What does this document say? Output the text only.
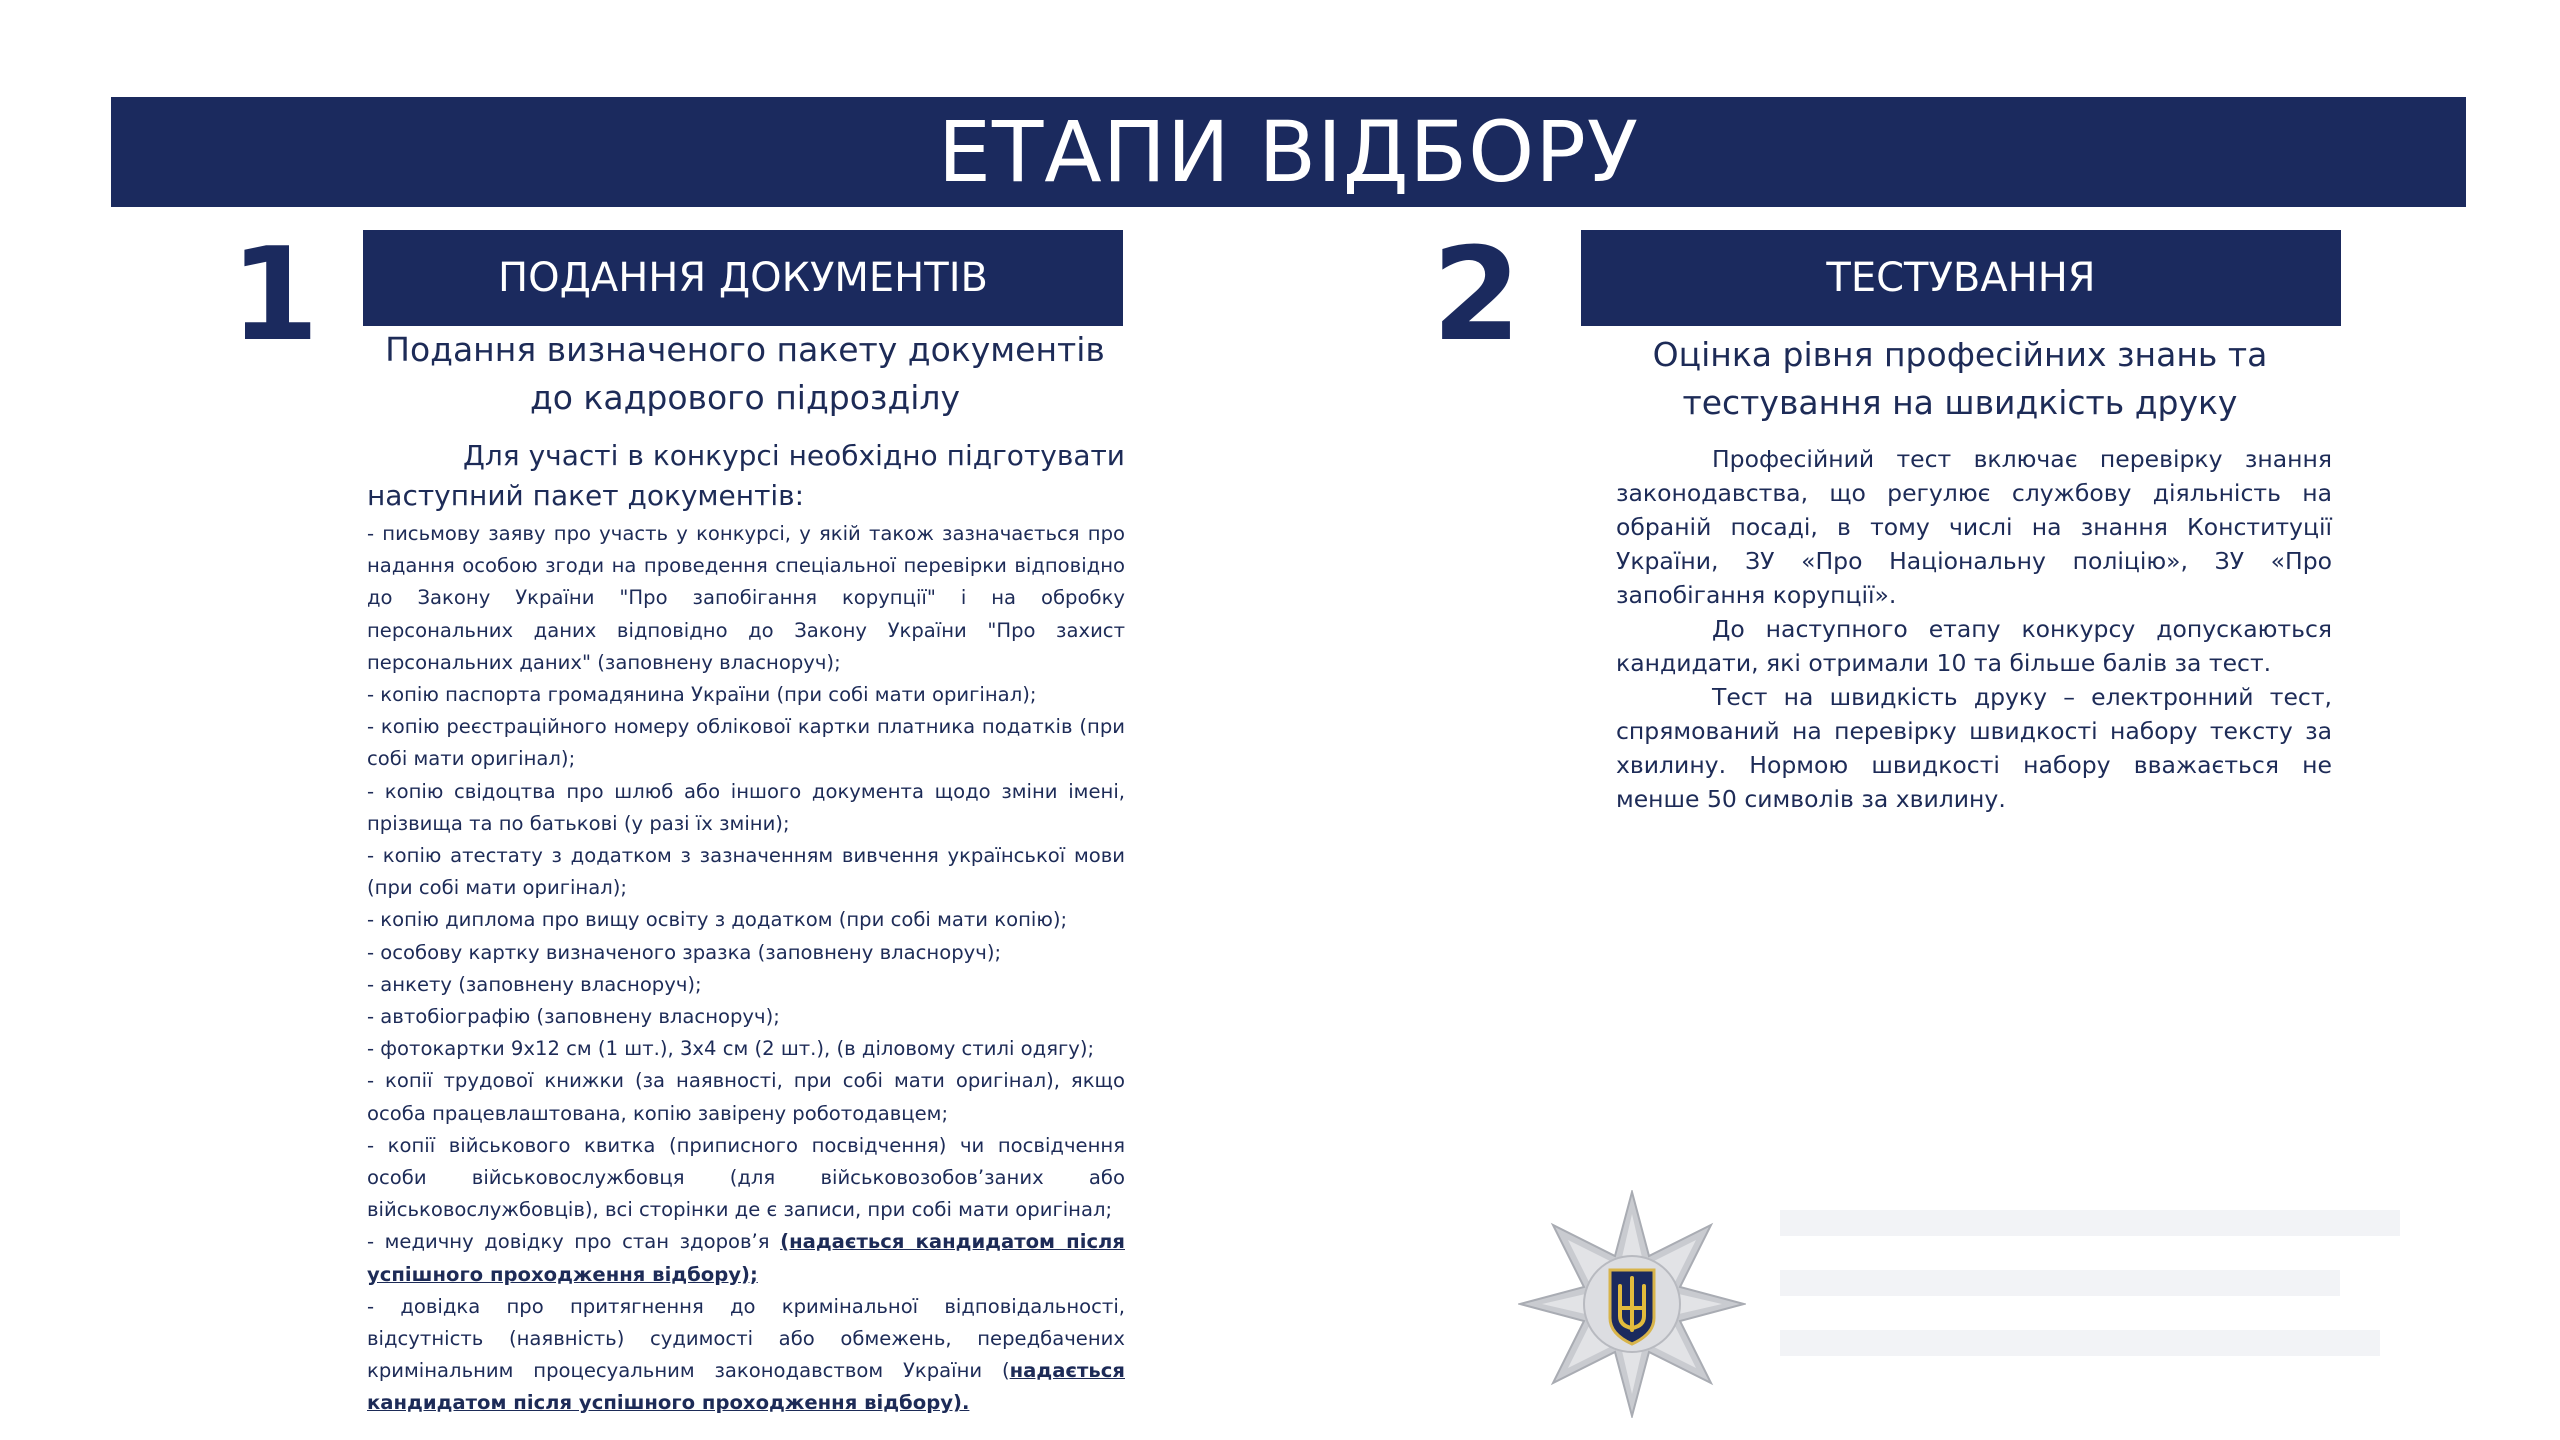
ЕТАПИ ВІДБОРУ
1	ПОДАННЯ ДОКУМЕНТІВ
Подання визначеного пакету документів до кадрового підрозділу
Для участі в конкурсі необхідно підготувати наступний пакет документів:
- письмову заяву про участь у конкурсі, у якій також зазначається про надання особою згоди на проведення спеціальної перевірки відповідно до Закону України "Про запобігання корупції" і на обробку персональних даних відповідно до Закону України "Про захист персональних даних" (заповнену власноруч);
- копію паспорта громадянина України (при собі мати оригінал);
- копію реєстраційного номеру облікової картки платника податків (при собі мати оригінал);
- копію свідоцтва про шлюб або іншого документа щодо зміни імені, прізвища та по батькові (у разі їх зміни);
- копію атестату з додатком з зазначенням вивчення української мови (при собі мати оригінал);
- копію диплома про вищу освіту з додатком (при собі мати копію);
- особову картку визначеного зразка (заповнену власноруч);
- анкету (заповнену власноруч);
- автобіографію (заповнену власноруч);
- фотокартки 9х12 см (1 шт.), 3х4 см (2 шт.), (в діловому стилі одягу);
- копії трудової книжки (за наявності, при собі мати оригінал), якщо особа працевлаштована, копію завірену роботодавцем;
- копії військового квитка (приписного посвідчення) чи посвідчення особи військовослужбовця (для військовозобов’заних або військовослужбовців), всі сторінки де є записи, при собі мати оригінал;
- медичну довідку про стан здоров’я (надається кандидатом після успішного проходження відбору);
- довідка про притягнення до кримінальної відповідальності, відсутність (наявність) судимості або обмежень, передбачених кримінальним процесуальним законодавством України (надається кандидатом після успішного проходження відбору).
2	ТЕСТУВАННЯ
Оцінка рівня професійних знань та тестування на швидкість друку

Професійний тест включає перевірку знання законодавства, що регулює службову діяльність на обраній посаді, в тому числі на знання Конституції України, ЗУ «Про Національну поліцію», ЗУ «Про запобігання корупції».

До наступного етапу конкурсу допускаються кандидати, які отримали 10 та більше балів за тест.

Тест на швидкість друку – електронний тест, спрямований на перевірку швидкості набору тексту за хвилину. Нормою швидкості набору вважається не менше 50 символів за хвилину.
